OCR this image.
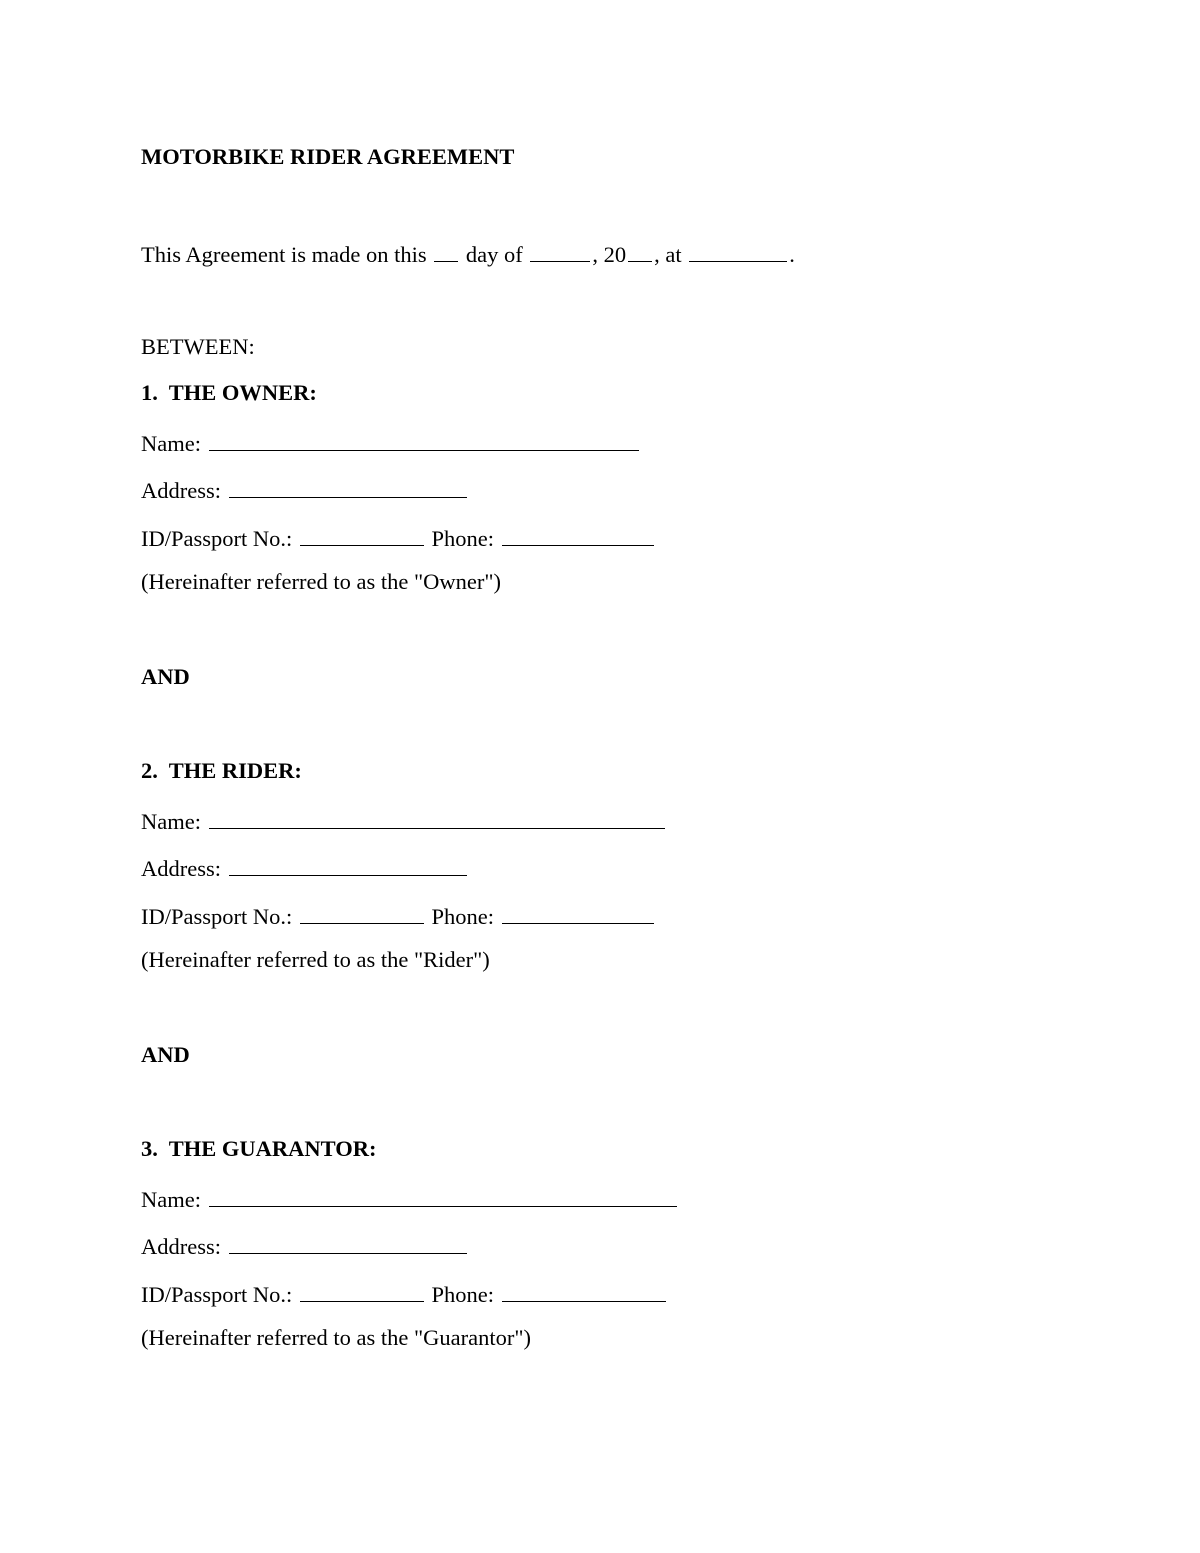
MOTORBIKE RIDER AGREEMENT
This Agreement is made on this day of	, 20 , at	.
BETWEEN:
1.  THE OWNER:
Name:
Address:
ID/Passport No.:	Phone:
(Hereinafter referred to as the "Owner")
AND
2.  THE RIDER:
Name:
Address:
ID/Passport No.:	Phone:
(Hereinafter referred to as the "Rider")
AND
3.  THE GUARANTOR:
Name:
Address:
ID/Passport No.:	Phone:
(Hereinafter referred to as the "Guarantor")
